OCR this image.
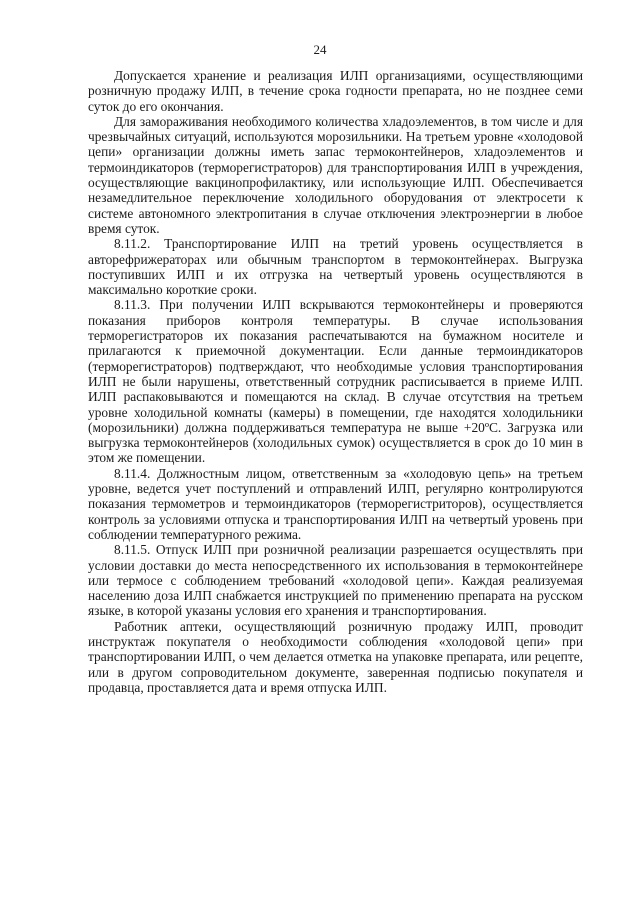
24

Допускается хранение и реализация ИЛП организациями, осуществляющими розничную продажу ИЛП, в течение срока годности препарата, но не позднее семи суток до его окончания.

Для замораживания необходимого количества хладоэлементов, в том числе и для чрезвычайных ситуаций, используются морозильники. На третьем уровне «холодовой цепи» организации должны иметь запас термоконтейнеров, хладоэлементов и термоиндикаторов (терморегистраторов) для транспортирования ИЛП в учреждения, осуществляющие вакцинопрофилактику, или использующие ИЛП. Обеспечивается незамедлительное переключение холодильного оборудования от электросети к системе автономного электропитания в случае отключения электроэнергии в любое время суток.

8.11.2. Транспортирование ИЛП на третий уровень осуществляется в авторефрижераторах или обычным транспортом в термоконтейнерах. Выгрузка поступивших ИЛП и их отгрузка на четвертый уровень осуществляются в максимально короткие сроки.

8.11.3. При получении ИЛП вскрываются термоконтейнеры и проверяются показания приборов контроля температуры. В случае использования терморегистраторов их показания распечатываются на бумажном носителе и прилагаются к приемочной документации. Если данные термоиндикаторов (терморегистраторов) подтверждают, что необходимые условия транспортирования ИЛП не были нарушены, ответственный сотрудник расписывается в приеме ИЛП. ИЛП распаковываются и помещаются на склад. В случае отсутствия на третьем уровне холодильной комнаты (камеры) в помещении, где находятся холодильники (морозильники) должна поддерживаться температура не выше +20ºС. Загрузка или выгрузка термоконтейнеров (холодильных сумок) осуществляется в срок до 10 мин в этом же помещении.

8.11.4. Должностным лицом, ответственным за «холодовую цепь» на третьем уровне, ведется учет поступлений и отправлений ИЛП, регулярно контролируются показания термометров и термоиндикаторов (терморегистриторов), осуществляется контроль за условиями отпуска и транспортирования ИЛП на четвертый уровень при соблюдении температурного режима.

8.11.5. Отпуск ИЛП при розничной реализации разрешается осуществлять при условии доставки до места непосредственного их использования в термоконтейнере или термосе с соблюдением требований «холодовой цепи». Каждая реализуемая населению доза ИЛП снабжается инструкцией по применению препарата на русском языке, в которой указаны условия его хранения и транспортирования.

Работник аптеки, осуществляющий розничную продажу ИЛП, проводит инструктаж покупателя о необходимости соблюдения «холодовой цепи» при транспортировании ИЛП, о чем делается отметка на упаковке препарата, или рецепте, или в другом сопроводительном документе, заверенная подписью покупателя и продавца, проставляется дата и время отпуска ИЛП.
